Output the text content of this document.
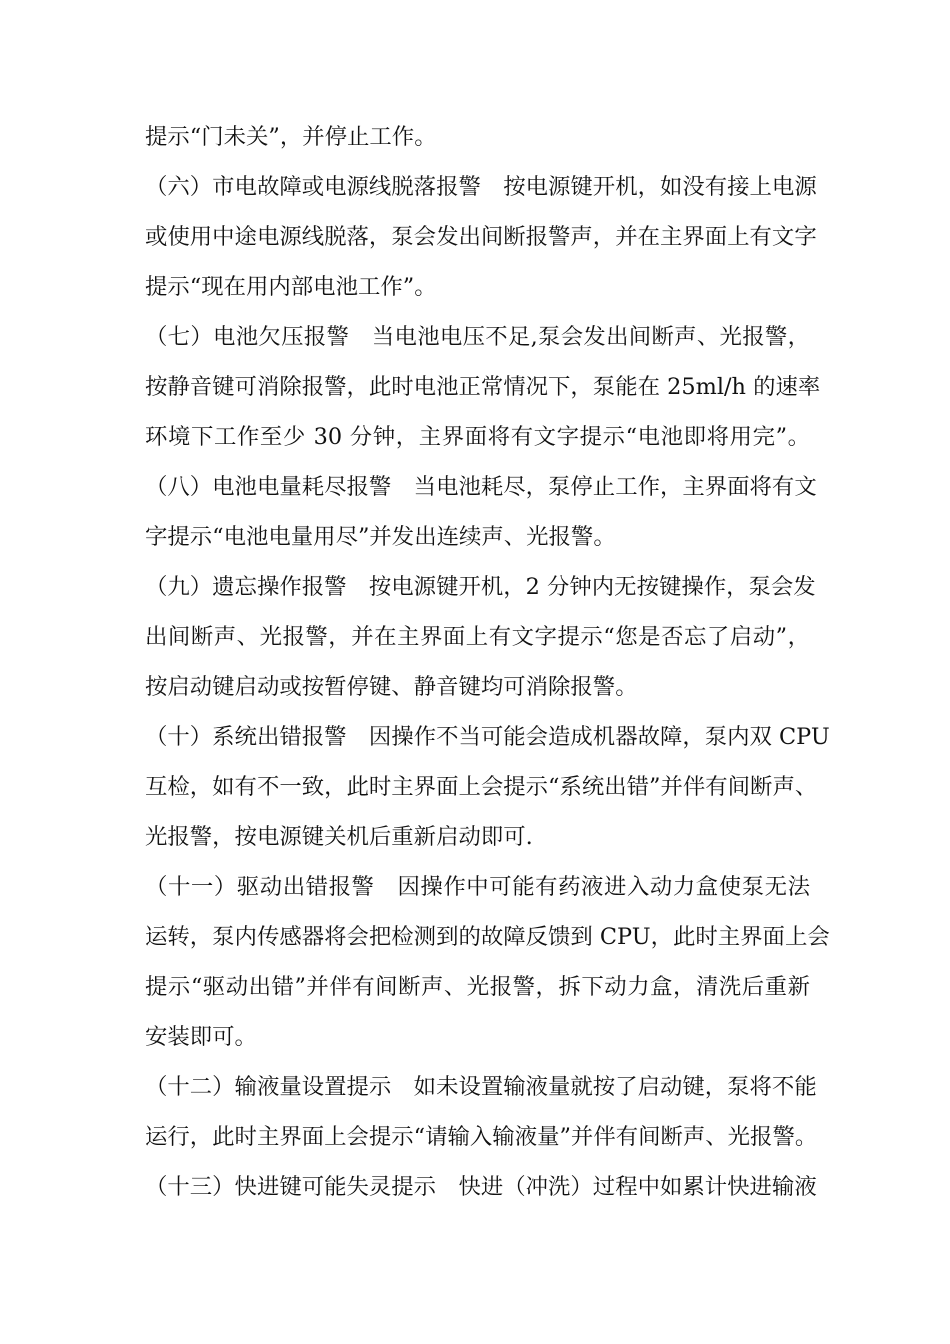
提示“门未关”，并停止工作。
（六）市电故障或电源线脱落报警　按电源键开机，如没有接上电源
或使用中途电源线脱落，泵会发出间断报警声，并在主界面上有文字
提示“现在用内部电池工作”。
（七）电池欠压报警　当电池电压不足,泵会发出间断声、光报警，
按静音键可消除报警，此时电池正常情况下，泵能在 25ml/h 的速率
环境下工作至少 30 分钟，主界面将有文字提示“电池即将用完”。
（八）电池电量耗尽报警　当电池耗尽，泵停止工作，主界面将有文
字提示“电池电量用尽”并发出连续声、光报警。
（九）遗忘操作报警　按电源键开机，2 分钟内无按键操作，泵会发
出间断声、光报警，并在主界面上有文字提示“您是否忘了启动”，
按启动键启动或按暂停键、静音键均可消除报警。
（十）系统出错报警　因操作不当可能会造成机器故障，泵内双 CPU
互检，如有不一致，此时主界面上会提示“系统出错”并伴有间断声、
光报警，按电源键关机后重新启动即可.
（十一）驱动出错报警　因操作中可能有药液进入动力盒使泵无法
运转，泵内传感器将会把检测到的故障反馈到 CPU，此时主界面上会
提示“驱动出错”并伴有间断声、光报警，拆下动力盒，清洗后重新
安装即可。
（十二）输液量设置提示　如未设置输液量就按了启动键，泵将不能
运行，此时主界面上会提示“请输入输液量”并伴有间断声、光报警。
（十三）快进键可能失灵提示　快进（冲洗）过程中如累计快进输液
